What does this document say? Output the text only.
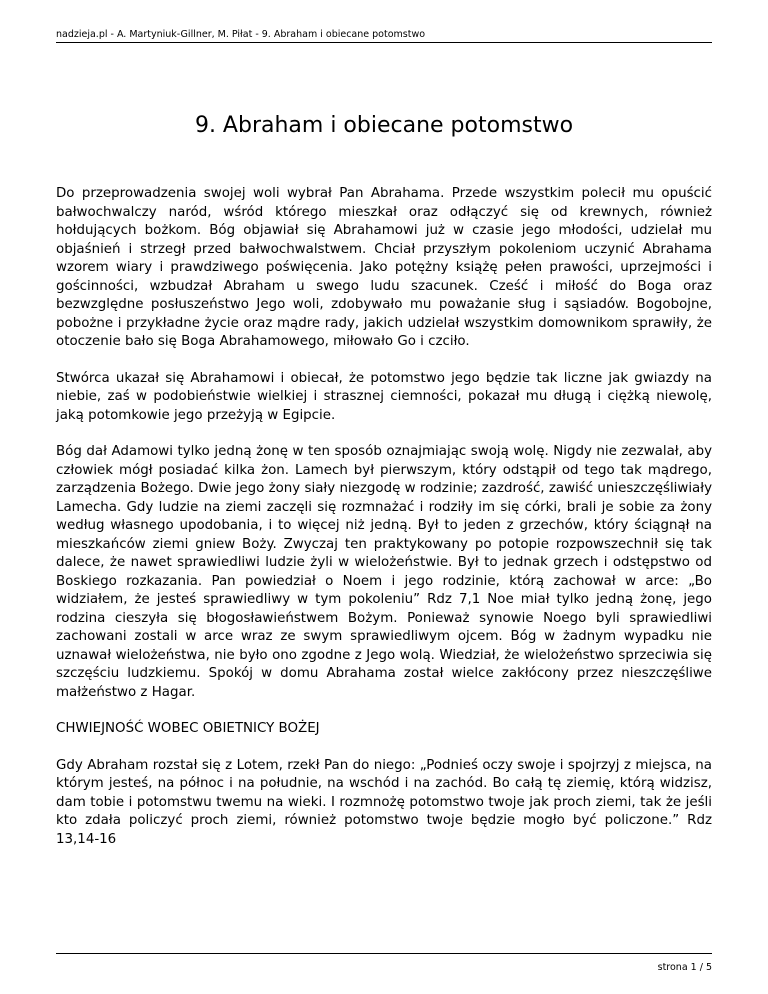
nadzieja.pl - A. Martyniuk-Gillner, M. Piłat - 9. Abraham i obiecane potomstwo
9. Abraham i obiecane potomstwo

Do przeprowadzenia swojej woli wybrał Pan Abrahama. Przede wszystkim polecił mu opuścić bałwochwalczy naród, wśród którego mieszkał oraz odłączyć się od krewnych, również hołdujących bożkom. Bóg objawiał się Abrahamowi już w czasie jego młodości, udzielał mu objaśnień i strzegł przed bałwochwalstwem. Chciał przyszłym pokoleniom uczynić Abrahama wzorem wiary i prawdziwego poświęcenia. Jako potężny książę pełen prawości, uprzejmości i gościnności, wzbudzał Abraham u swego ludu szacunek. Cześć i miłość do Boga oraz bezwzględne posłuszeństwo Jego woli, zdobywało mu poważanie sług i sąsiadów. Bogobojne, pobożne i przykładne życie oraz mądre rady, jakich udzielał wszystkim domownikom sprawiły, że otoczenie bało się Boga Abrahamowego, miłowało Go i czciło.

Stwórca ukazał się Abrahamowi i obiecał, że potomstwo jego będzie tak liczne jak gwiazdy na niebie, zaś w podobieństwie wielkiej i strasznej ciemności, pokazał mu długą i ciężką niewolę, jaką potomkowie jego przeżyją w Egipcie.

Bóg dał Adamowi tylko jedną żonę w ten sposób oznajmiając swoją wolę. Nigdy nie zezwalał, aby człowiek mógł posiadać kilka żon. Lamech był pierwszym, który odstąpił od tego tak mądrego, zarządzenia Bożego. Dwie jego żony siały niezgodę w rodzinie; zazdrość, zawiść unieszczęśliwiały Lamecha. Gdy ludzie na ziemi zaczęli się rozmnażać i rodziły im się córki, brali je sobie za żony według własnego upodobania, i to więcej niż jedną. Był to jeden z grzechów, który ściągnął na mieszkańców ziemi gniew Boży. Zwyczaj ten praktykowany po potopie rozpowszechnił się tak dalece, że nawet sprawiedliwi ludzie żyli w wielożeństwie. Był to jednak grzech i odstępstwo od Boskiego rozkazania. Pan powiedział o Noem i jego rodzinie, którą zachował w arce: „Bo widziałem, że jesteś sprawiedliwy w tym pokoleniu” Rdz 7,1 Noe miał tylko jedną żonę, jego rodzina cieszyła się błogosławieństwem Bożym. Ponieważ synowie Noego byli sprawiedliwi zachowani zostali w arce wraz ze swym sprawiedliwym ojcem. Bóg w żadnym wypadku nie uznawał wielożeństwa, nie było ono zgodne z Jego wolą. Wiedział, że wielożeństwo sprzeciwia się szczęściu ludzkiemu. Spokój w domu Abrahama został wielce zakłócony przez nieszczęśliwe małżeństwo z Hagar.

CHWIEJNOŚĆ WOBEC OBIETNICY BOŻEJ

Gdy Abraham rozstał się z Lotem, rzekł Pan do niego: „Podnieś oczy swoje i spojrzyj z miejsca, na którym jesteś, na północ i na południe, na wschód i na zachód. Bo całą tę ziemię, którą widzisz, dam tobie i potomstwu twemu na wieki. I rozmnożę potomstwo twoje jak proch ziemi, tak że jeśli kto zdała policzyć proch ziemi, również potomstwo twoje będzie mogło być policzone.” Rdz 13,14-16

strona 1 / 5
